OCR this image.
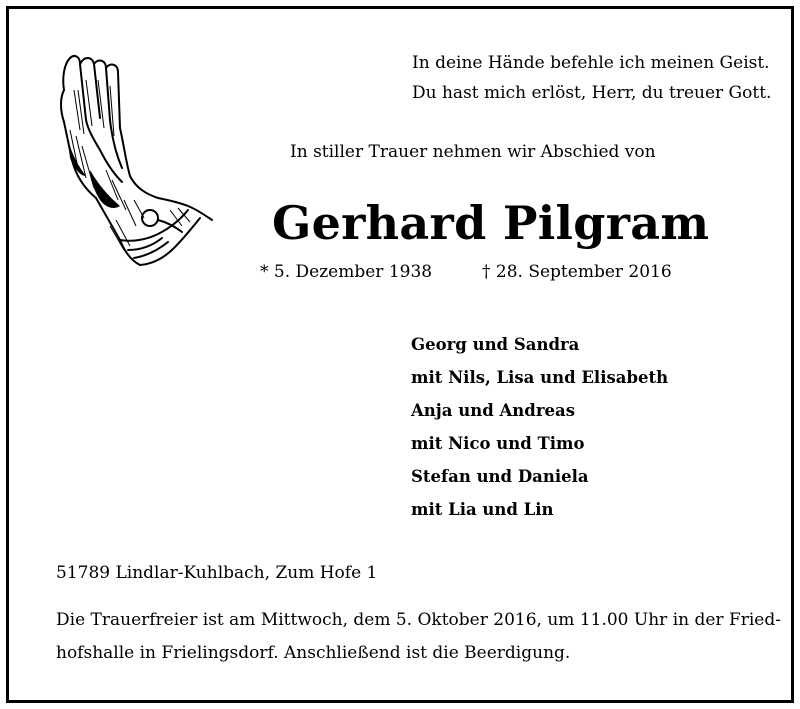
In deine Hände befehle ich meinen Geist.
Du hast mich erlöst, Herr, du treuer Gott.
In stiller Trauer nehmen wir Abschied von
Gerhard Pilgram
* 5. Dezember 1938	† 28. September 2016
Georg und Sandra
mit Nils, Lisa und Elisabeth
Anja und Andreas
mit Nico und Timo
Stefan und Daniela
mit Lia und Lin
51789 Lindlar-Kuhlbach, Zum Hofe 1
Die Trauerfreier ist am Mittwoch, dem 5. Oktober 2016, um 11.00 Uhr in der Fried-
hofshalle in Frielingsdorf. Anschließend ist die Beerdigung.
